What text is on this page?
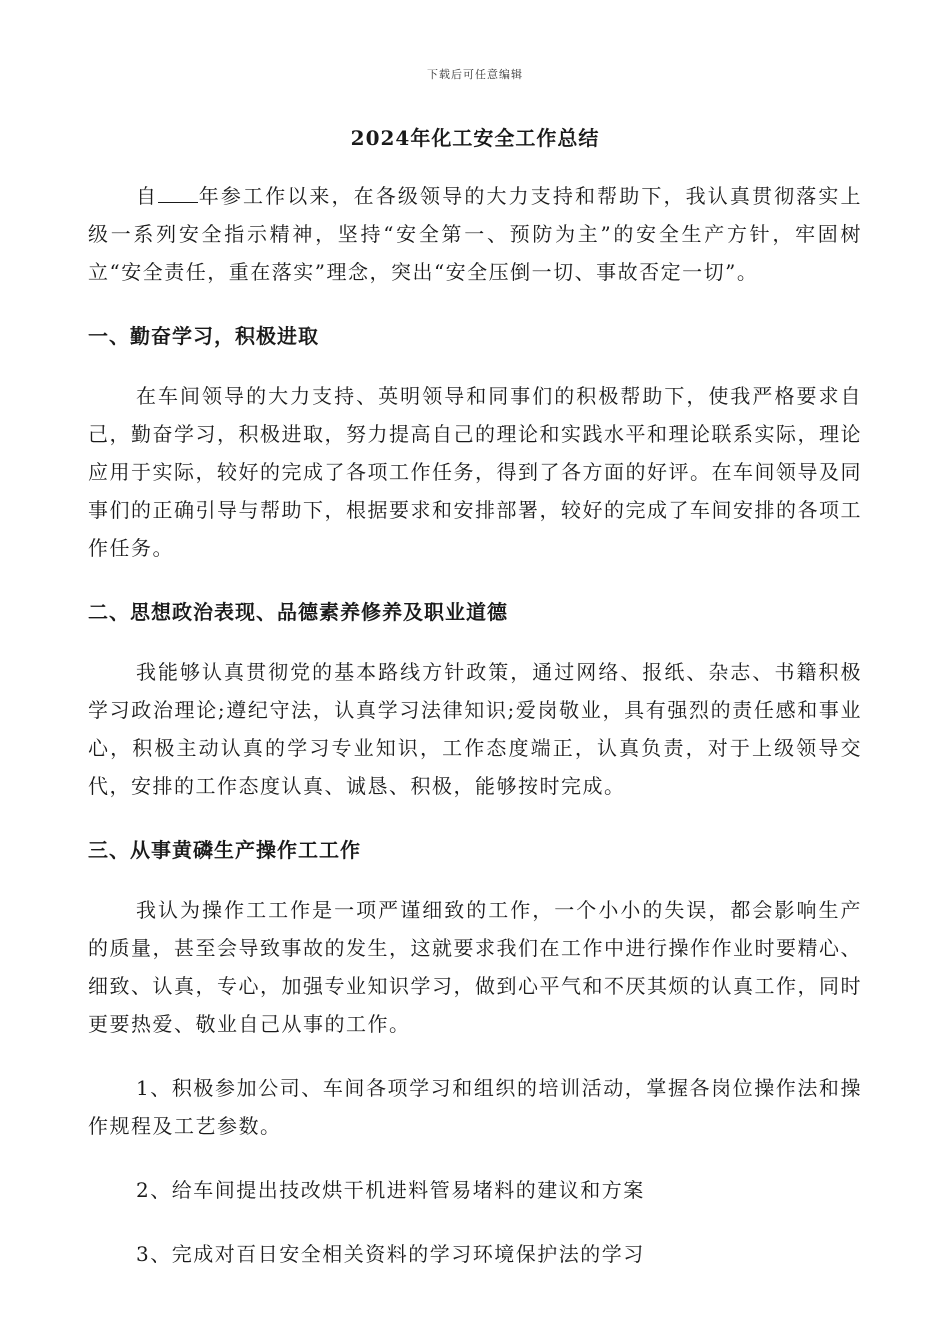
下载后可任意编辑
2024年化工安全工作总结

自 年参工作以来，在各级领导的大力支持和帮助下，我认真贯彻落实上级一系列安全指示精神，坚持“安全第一、预防为主”的安全生产方针，牢固树立“安全责任，重在落实”理念，突出“安全压倒一切、事故否定一切”。

一、勤奋学习，积极进取

在车间领导的大力支持、英明领导和同事们的积极帮助下，使我严格要求自己，勤奋学习，积极进取，努力提高自己的理论和实践水平和理论联系实际，理论应用于实际，较好的完成了各项工作任务，得到了各方面的好评。在车间领导及同事们的正确引导与帮助下，根据要求和安排部署，较好的完成了车间安排的各项工作任务。

二、思想政治表现、品德素养修养及职业道德

我能够认真贯彻党的基本路线方针政策，通过网络、报纸、杂志、书籍积极学习政治理论;遵纪守法，认真学习法律知识;爱岗敬业，具有强烈的责任感和事业心，积极主动认真的学习专业知识，工作态度端正，认真负责，对于上级领导交代，安排的工作态度认真、诚恳、积极，能够按时完成。

三、从事黄磷生产操作工工作

我认为操作工工作是一项严谨细致的工作，一个小小的失误，都会影响生产的质量，甚至会导致事故的发生，这就要求我们在工作中进行操作作业时要精心、细致、认真，专心，加强专业知识学习，做到心平气和不厌其烦的认真工作，同时更要热爱、敬业自己从事的工作。

1、积极参加公司、车间各项学习和组织的培训活动，掌握各岗位操作法和操作规程及工艺参数。

2、给车间提出技改烘干机进料管易堵料的建议和方案

3、完成对百日安全相关资料的学习环境保护法的学习
